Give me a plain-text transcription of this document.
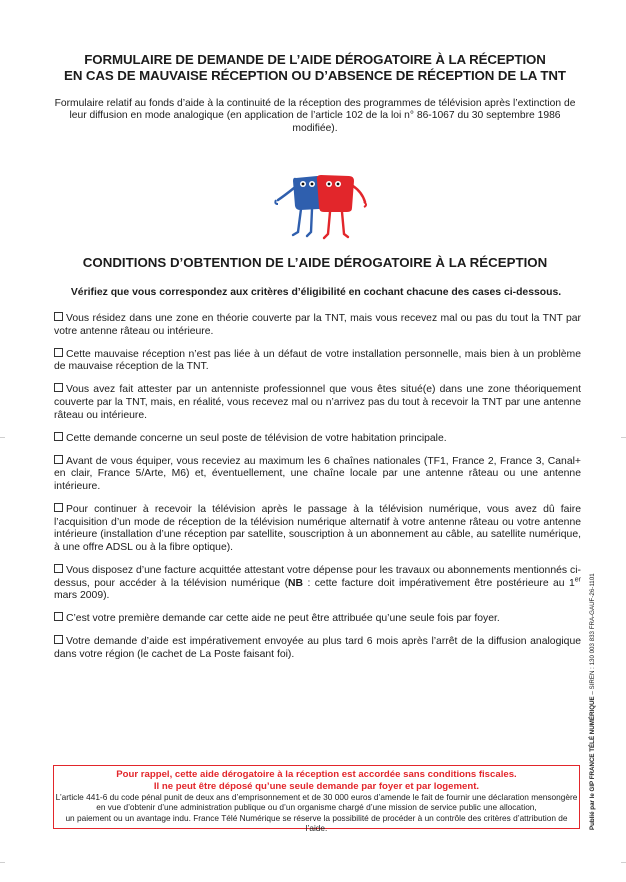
FORMULAIRE DE DEMANDE DE L’AIDE DÉROGATOIRE À LA RÉCEPTION
EN CAS DE MAUVAISE RÉCEPTION OU D’ABSENCE DE RÉCEPTION DE LA TNT
Formulaire relatif au fonds d’aide à la continuité de la réception des programmes de télévision après l’extinction de leur diffusion en mode analogique (en application de l’article 102 de la loi n° 86-1067 du 30 septembre 1986 modifiée).
CONDITIONS D’OBTENTION DE L’AIDE DÉROGATOIRE À LA RÉCEPTION
Vérifiez que vous correspondez aux critères d’éligibilité en cochant chacune des cases ci-dessous.
Vous résidez dans une zone en théorie couverte par la TNT, mais vous recevez mal ou pas du tout la TNT par votre antenne râteau ou intérieure.
Cette mauvaise réception n’est pas liée à un défaut de votre installation personnelle, mais bien à un problème de mauvaise réception de la TNT.
Vous avez fait attester par un antenniste professionnel que vous êtes situé(e) dans une zone théoriquement couverte par la TNT, mais, en réalité, vous recevez mal ou n’arrivez pas du tout à recevoir la TNT par une antenne râteau ou intérieure.
Cette demande concerne un seul poste de télévision de votre habitation principale.
Avant de vous équiper, vous receviez au maximum les 6 chaînes nationales (TF1, France 2, France 3, Canal+ en clair, France 5/Arte, M6) et, éventuellement, une chaîne locale par une antenne râteau ou une antenne intérieure.
Pour continuer à recevoir la télévision après le passage à la télévision numérique, vous avez dû faire l’acquisition d’un mode de réception de la télévision numérique alternatif à votre antenne râteau ou votre antenne intérieure (installation d’une réception par satellite, souscription à un abonnement au câble, au satellite numérique, à une offre ADSL ou à la fibre optique).
Vous disposez d’une facture acquittée attestant votre dépense pour les travaux ou abonnements mentionnés ci-dessus, pour accéder à la télévision numérique (NB : cette facture doit impérativement être postérieure au 1er mars 2009).
C’est votre première demande car cette aide ne peut être attribuée qu’une seule fois par foyer.
Votre demande d’aide est impérativement envoyée au plus tard 6 mois après l’arrêt de la diffusion analogique dans votre région (le cachet de La Poste faisant foi).
Pour rappel, cette aide dérogatoire à la réception est accordée sans conditions fiscales.
Il ne peut être déposé qu’une seule demande par foyer et par logement.
L’article 441-6 du code pénal punit de deux ans d’emprisonnement et de 30 000 euros d’amende le fait de fournir une déclaration mensongère
en vue d’obtenir d’une administration publique ou d’un organisme chargé d’une mission de service public une allocation,
un paiement ou un avantage indu. France Télé Numérique se réserve la possibilité de procéder à un contrôle des critères d’attribution de l’aide.	Publié par le GIP FRANCE TÉLÉ NUMÉRIQUE – SIREN : 130 003 833 FRA-GAUF-26-1101
